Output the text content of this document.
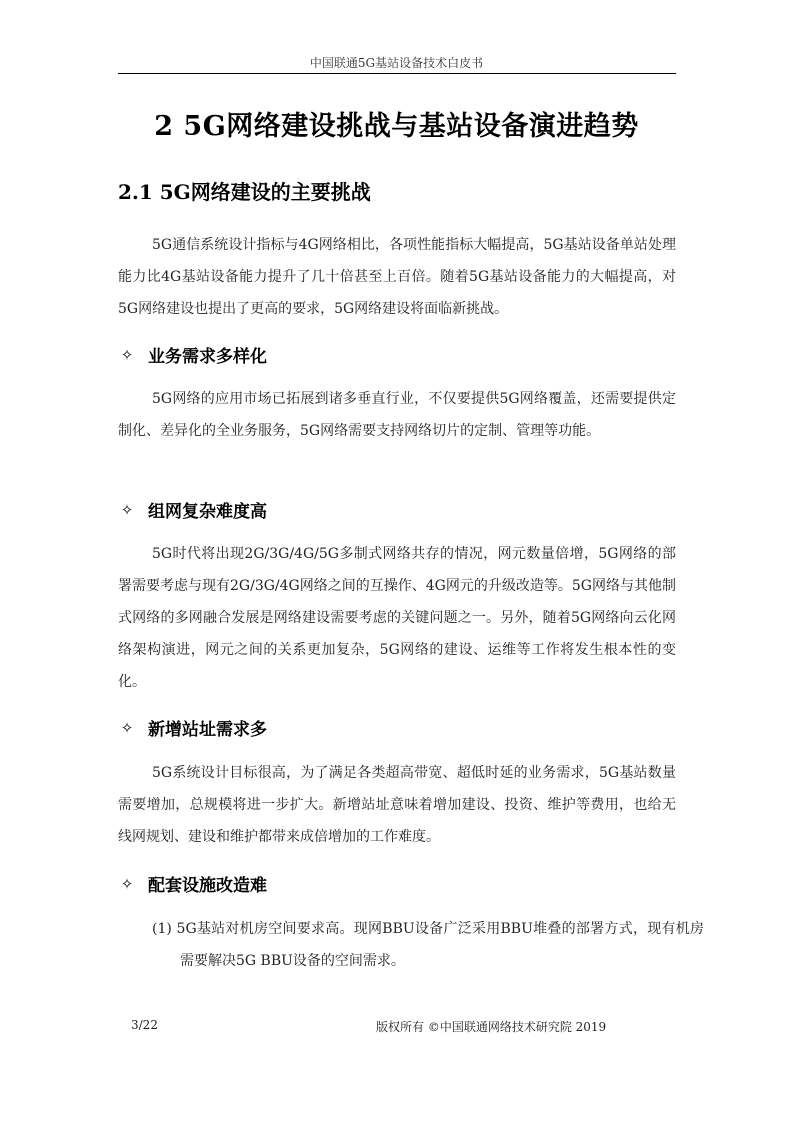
中国联通5G基站设备技术白皮书
2 5G网络建设挑战与基站设备演进趋势
2.1 5G网络建设的主要挑战

5G通信系统设计指标与4G网络相比，各项性能指标大幅提高，5G基站设备单站处理能力比4G基站设备能力提升了几十倍甚至上百倍。随着5G基站设备能力的大幅提高，对5G网络建设也提出了更高的要求，5G网络建设将面临新挑战。

✧ 业务需求多样化

5G网络的应用市场已拓展到诸多垂直行业，不仅要提供5G网络覆盖，还需要提供定制化、差异化的全业务服务，5G网络需要支持网络切片的定制、管理等功能。

✧ 组网复杂难度高

5G时代将出现2G/3G/4G/5G多制式网络共存的情况，网元数量倍增，5G网络的部署需要考虑与现有2G/3G/4G网络之间的互操作、4G网元的升级改造等。5G网络与其他制式网络的多网融合发展是网络建设需要考虑的关键问题之一。另外，随着5G网络向云化网络架构演进，网元之间的关系更加复杂，5G网络的建设、运维等工作将发生根本性的变化。

✧ 新增站址需求多

5G系统设计目标很高，为了满足各类超高带宽、超低时延的业务需求，5G基站数量需要增加，总规模将进一步扩大。新增站址意味着增加建设、投资、维护等费用，也给无线网规划、建设和维护都带来成倍增加的工作难度。

✧ 配套设施改造难

(1) 5G基站对机房空间要求高。现网BBU设备广泛采用BBU堆叠的部署方式，现有机房需要解决5G BBU设备的空间需求。

3/22	版权所有 ©中国联通网络技术研究院 2019
